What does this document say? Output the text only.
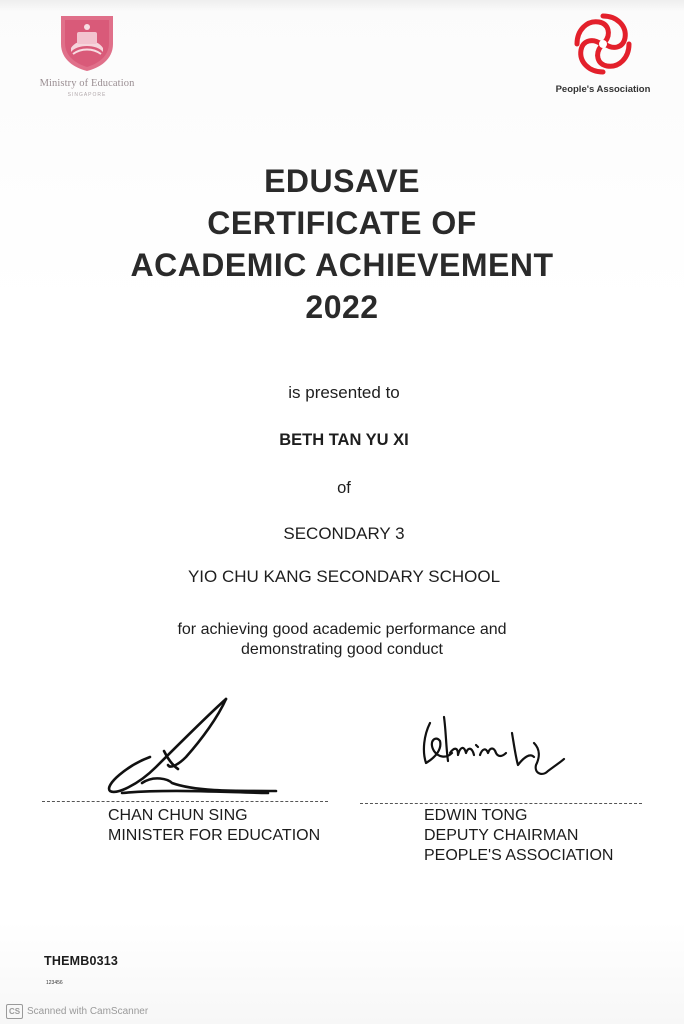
Ministry of Education
SINGAPORE	People's Association
EDUSAVE
CERTIFICATE OF
ACADEMIC ACHIEVEMENT
2022
is presented to
BETH TAN YU XI
of
SECONDARY 3
YIO CHU KANG SECONDARY SCHOOL
for achieving good academic performance and
demonstrating good conduct
CHAN CHUN SING
MINISTER FOR EDUCATION
EDWIN TONG
DEPUTY CHAIRMAN
PEOPLE'S ASSOCIATION
THEMB0313
123456
CS Scanned with CamScanner
